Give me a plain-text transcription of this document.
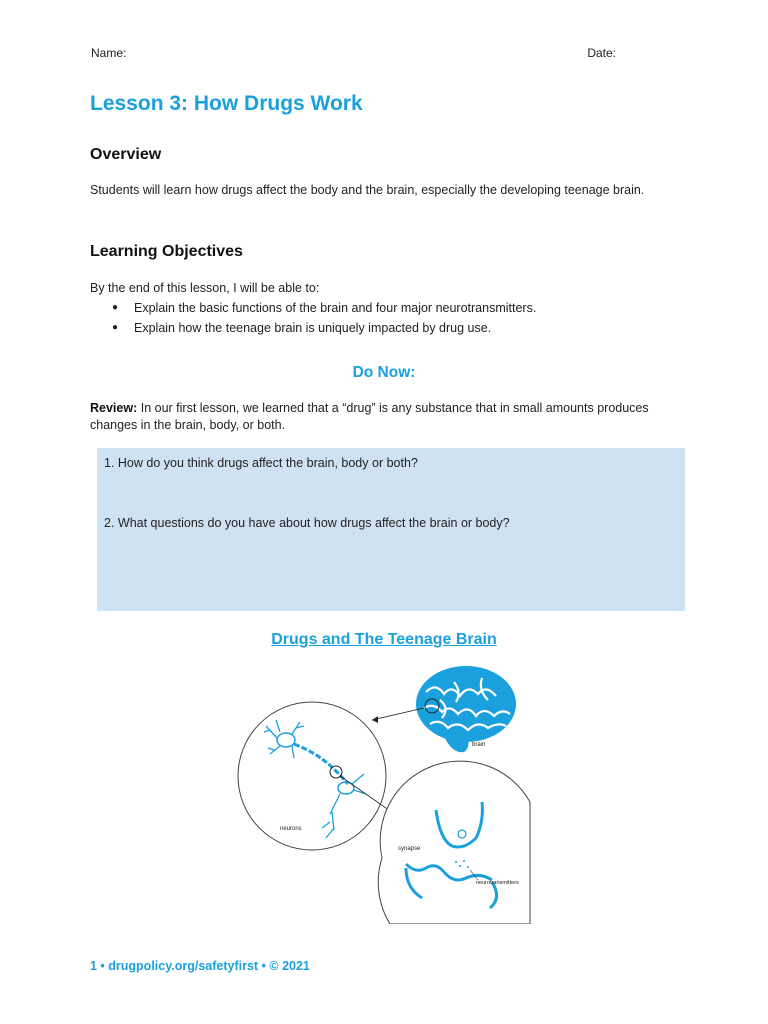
Name:	Date:
Lesson 3: How Drugs Work
Overview

Students will learn how drugs affect the body and the brain, especially the developing teenage brain.

Learning Objectives

By the end of this lesson, I will be able to:

●	Explain the basic functions of the brain and four major neurotransmitters.
●	Explain how the teenage brain is uniquely impacted by drug use.
Do Now:
Review: In our first lesson, we learned that a “drug” is any substance that in small amounts produces changes in the brain, body, or both.
1. How do you think drugs affect the brain, body or both?
2. What questions do you have about how drugs affect the brain or body?
Drugs and The Teenage Brain
brain
neurons
synapse
neurotransmitters
1 • drugpolicy.org/safetyfirst • © 2021
